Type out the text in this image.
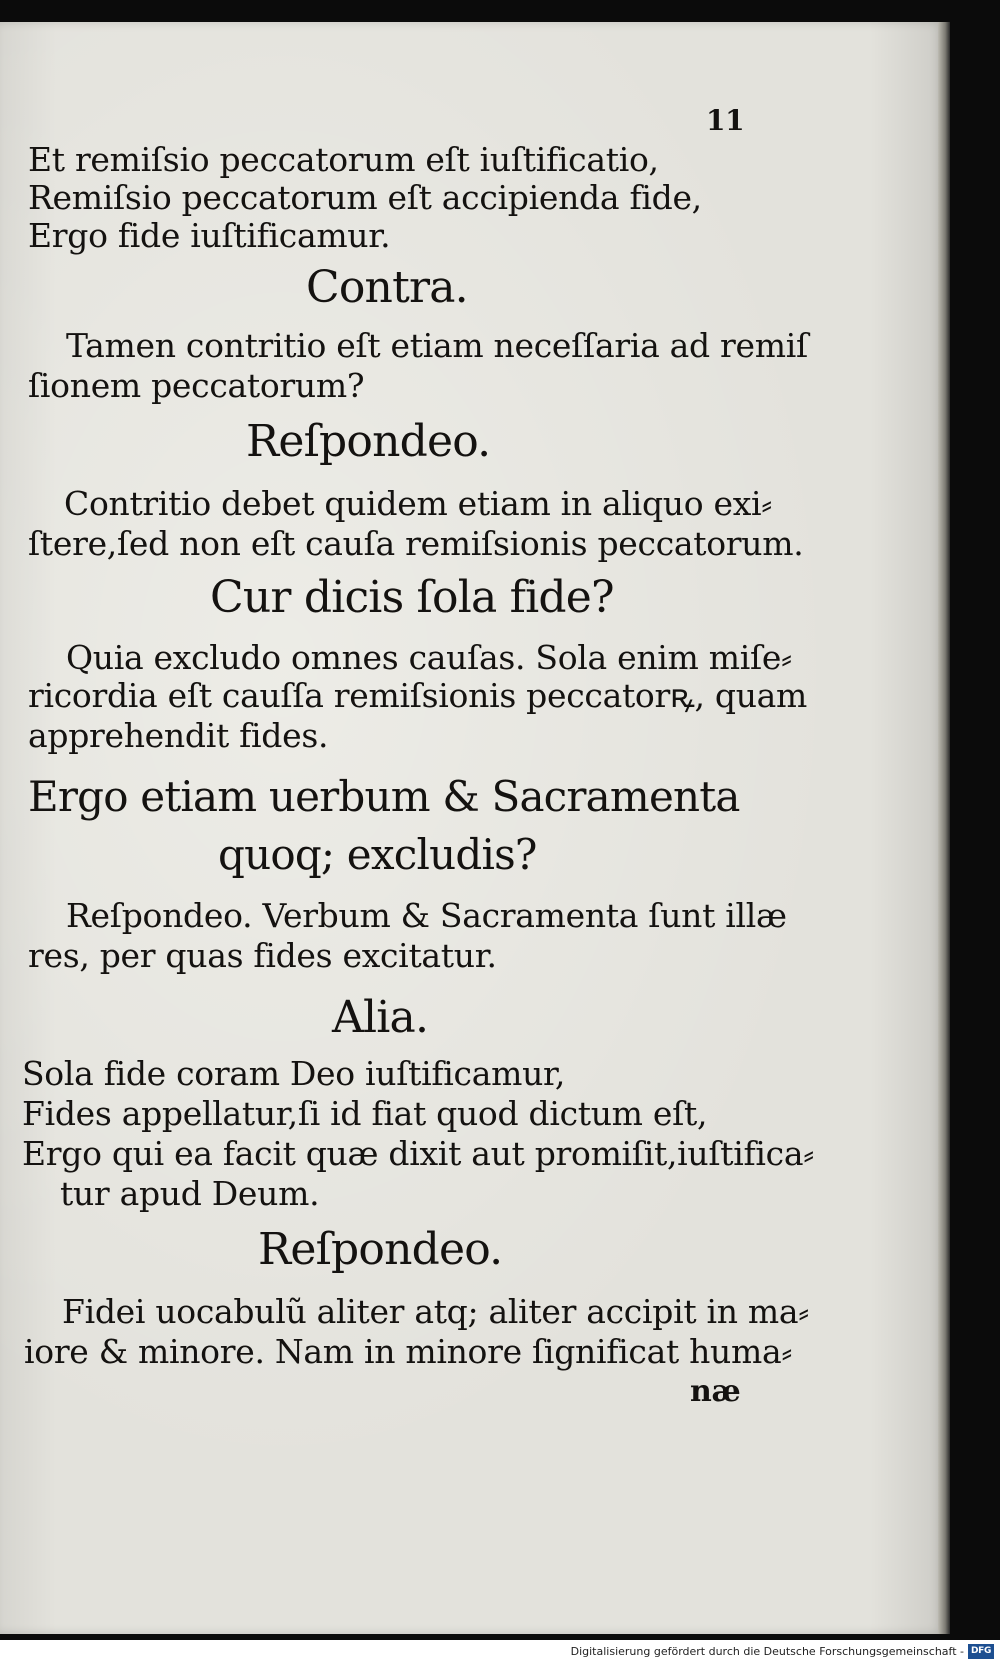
11
Et remiſsio peccatorum eſt iuſtificatio,
Remiſsio peccatorum eſt accipienda fide,
Ergo fide iuſtificamur.
Contra.
Tamen contritio eſt etiam neceſſaria ad remiſ
ſionem peccatorum?
Reſpondeo.
Contritio debet quidem etiam in aliquo exi⸗
ſtere,ſed non eſt cauſa remiſsionis peccatorum.
Cur dicis ſola fide?
Quia excludo omnes cauſas. Sola enim miſe⸗
ricordia eſt cauſſa remiſsionis peccatorꝶ, quam
apprehendit fides.
Ergo etiam uerbum & Sacramenta
quoq; excludis?
Reſpondeo. Verbum & Sacramenta ſunt illæ
res, per quas fides excitatur.
Alia.
Sola fide coram Deo iuſtificamur,
Fides appellatur,ſi id fiat quod dictum eſt,
Ergo qui ea facit quæ dixit aut promiſit,iuſtifica⸗
tur apud Deum.
Reſpondeo.
Fidei uocabulũ aliter atq; aliter accipit in ma⸗
iore & minore. Nam in minore ſignificat huma⸗
næ
Digitalisierung gefördert durch die Deutsche Forschungsgemeinschaft - DFG
